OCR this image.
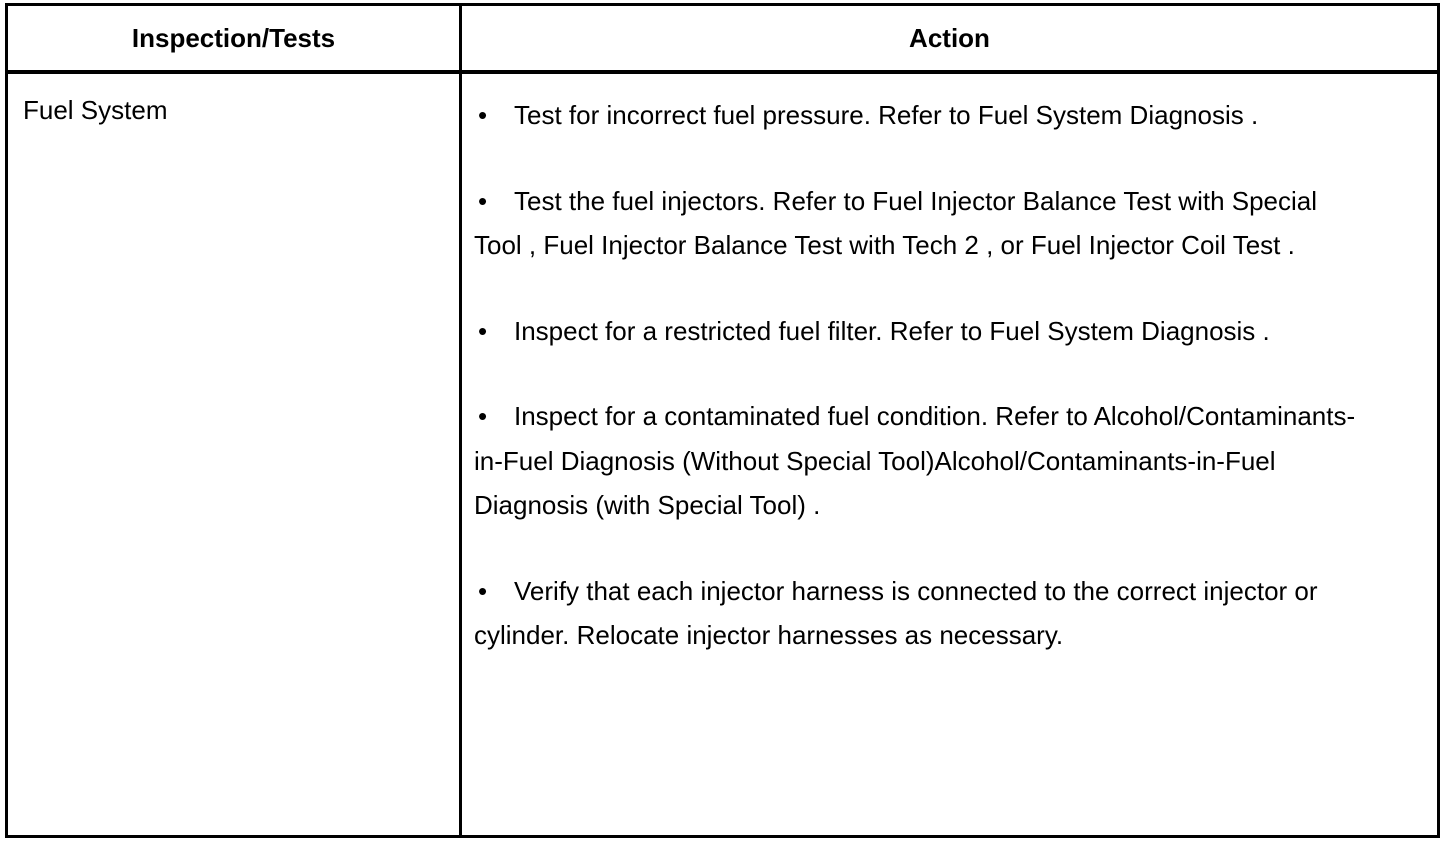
Inspection/Tests	Action
Fuel System	• Test for incorrect fuel pressure. Refer to Fuel System Diagnosis .

• Test the fuel injectors. Refer to Fuel Injector Balance Test with Special Tool , Fuel Injector Balance Test with Tech 2 , or Fuel Injector Coil Test .

• Inspect for a restricted fuel filter. Refer to Fuel System Diagnosis .

• Inspect for a contaminated fuel condition. Refer to Alcohol/Contaminants-in-Fuel Diagnosis (Without Special Tool)Alcohol/Contaminants-in-Fuel Diagnosis (with Special Tool) .

• Verify that each injector harness is connected to the correct injector or cylinder. Relocate injector harnesses as necessary.
